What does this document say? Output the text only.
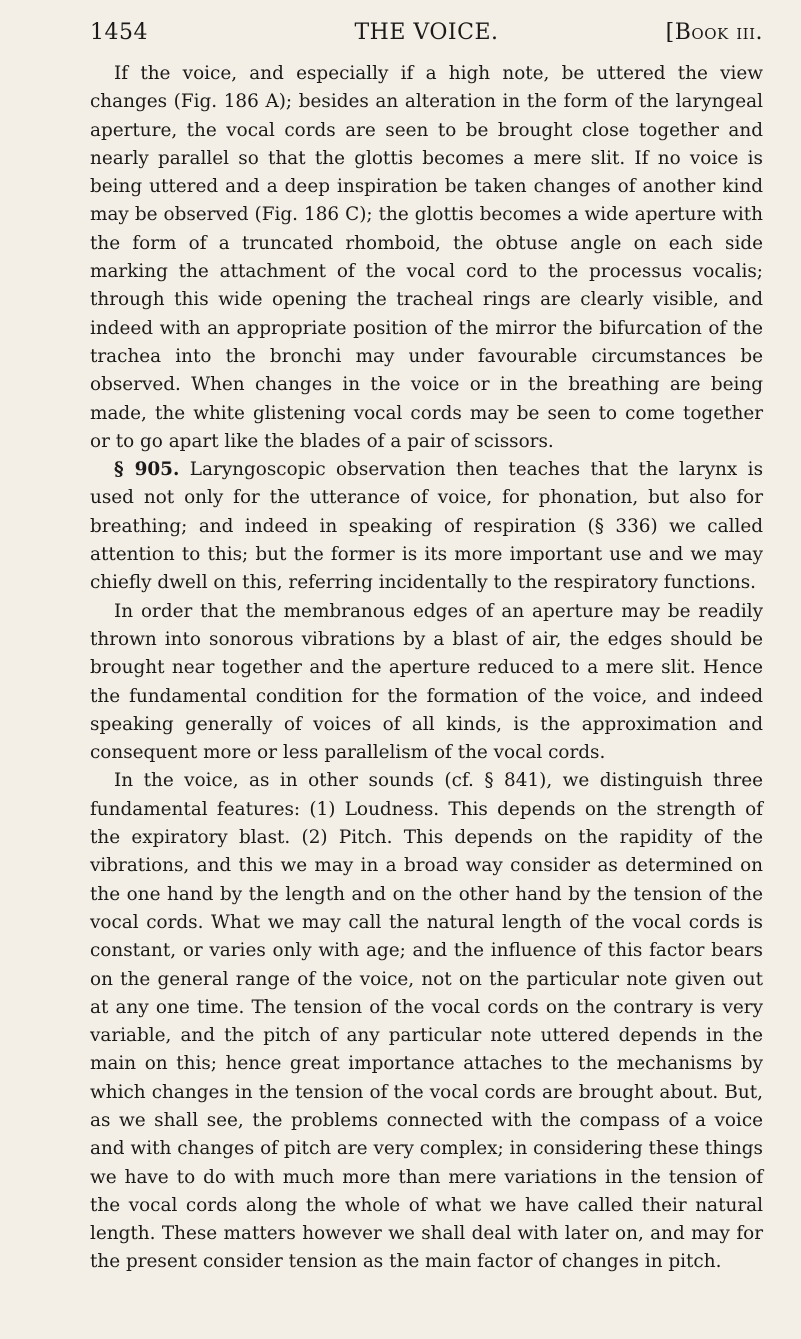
1454	THE VOICE.	[Book iii.

If the voice, and especially if a high note, be uttered the view changes (Fig. 186 A); besides an alteration in the form of the laryngeal aperture, the vocal cords are seen to be brought close together and nearly parallel so that the glottis becomes a mere slit. If no voice is being uttered and a deep inspiration be taken changes of another kind may be observed (Fig. 186 C); the glottis becomes a wide aperture with the form of a truncated rhomboid, the obtuse angle on each side marking the attachment of the vocal cord to the processus vocalis; through this wide opening the tracheal rings are clearly visible, and indeed with an appropriate position of the mirror the bifurcation of the trachea into the bronchi may under favourable circumstances be observed. When changes in the voice or in the breathing are being made, the white glistening vocal cords may be seen to come together or to go apart like the blades of a pair of scissors.

§ 905. Laryngoscopic observation then teaches that the larynx is used not only for the utterance of voice, for phonation, but also for breathing; and indeed in speaking of respiration (§ 336) we called attention to this; but the former is its more important use and we may chiefly dwell on this, referring incidentally to the respiratory functions.

In order that the membranous edges of an aperture may be readily thrown into sonorous vibrations by a blast of air, the edges should be brought near together and the aperture reduced to a mere slit. Hence the fundamental condition for the formation of the voice, and indeed speaking generally of voices of all kinds, is the approximation and consequent more or less parallelism of the vocal cords.

In the voice, as in other sounds (cf. § 841), we distinguish three fundamental features: (1) Loudness. This depends on the strength of the expiratory blast. (2) Pitch. This depends on the rapidity of the vibrations, and this we may in a broad way consider as determined on the one hand by the length and on the other hand by the tension of the vocal cords. What we may call the natural length of the vocal cords is constant, or varies only with age; and the influence of this factor bears on the general range of the voice, not on the particular note given out at any one time. The tension of the vocal cords on the contrary is very variable, and the pitch of any particular note uttered depends in the main on this; hence great importance attaches to the mechanisms by which changes in the tension of the vocal cords are brought about. But, as we shall see, the problems connected with the compass of a voice and with changes of pitch are very complex; in considering these things we have to do with much more than mere variations in the tension of the vocal cords along the whole of what we have called their natural length. These matters however we shall deal with later on, and may for the present consider tension as the main factor of changes in pitch.
